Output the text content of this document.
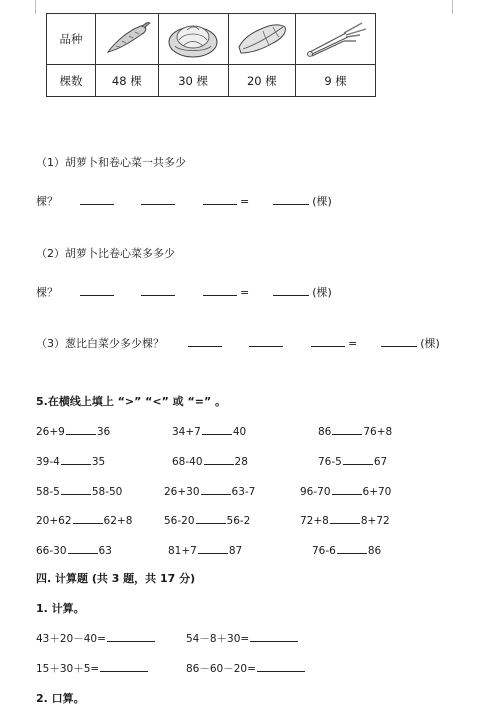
品种	

棵数	48 棵	30 棵	20 棵	9 棵
（1）胡萝卜和卷心菜一共多少
棵？	=	(棵)
（2）胡萝卜比卷心菜多多少
棵？	=	(棵)
（3）葱比白菜少多少棵？	=	(棵)
5.在横线上填上 “>” “<” 或 “=” 。
26+9	36	34+7	40	86	76+8
39-4	35	68-40	28	76-5	67
58-5	58-50	26+30	63-7	96-70	6+70
20+62	62+8	56-20	56-2	72+8	8+72
66-30	63	81+7	87	76-6	86
四. 计算题 (共 3 题，共 17 分)
1. 计算。
43＋20－40=	54－8＋30=
15＋30＋5=	86－60－20=
2. 口算。
